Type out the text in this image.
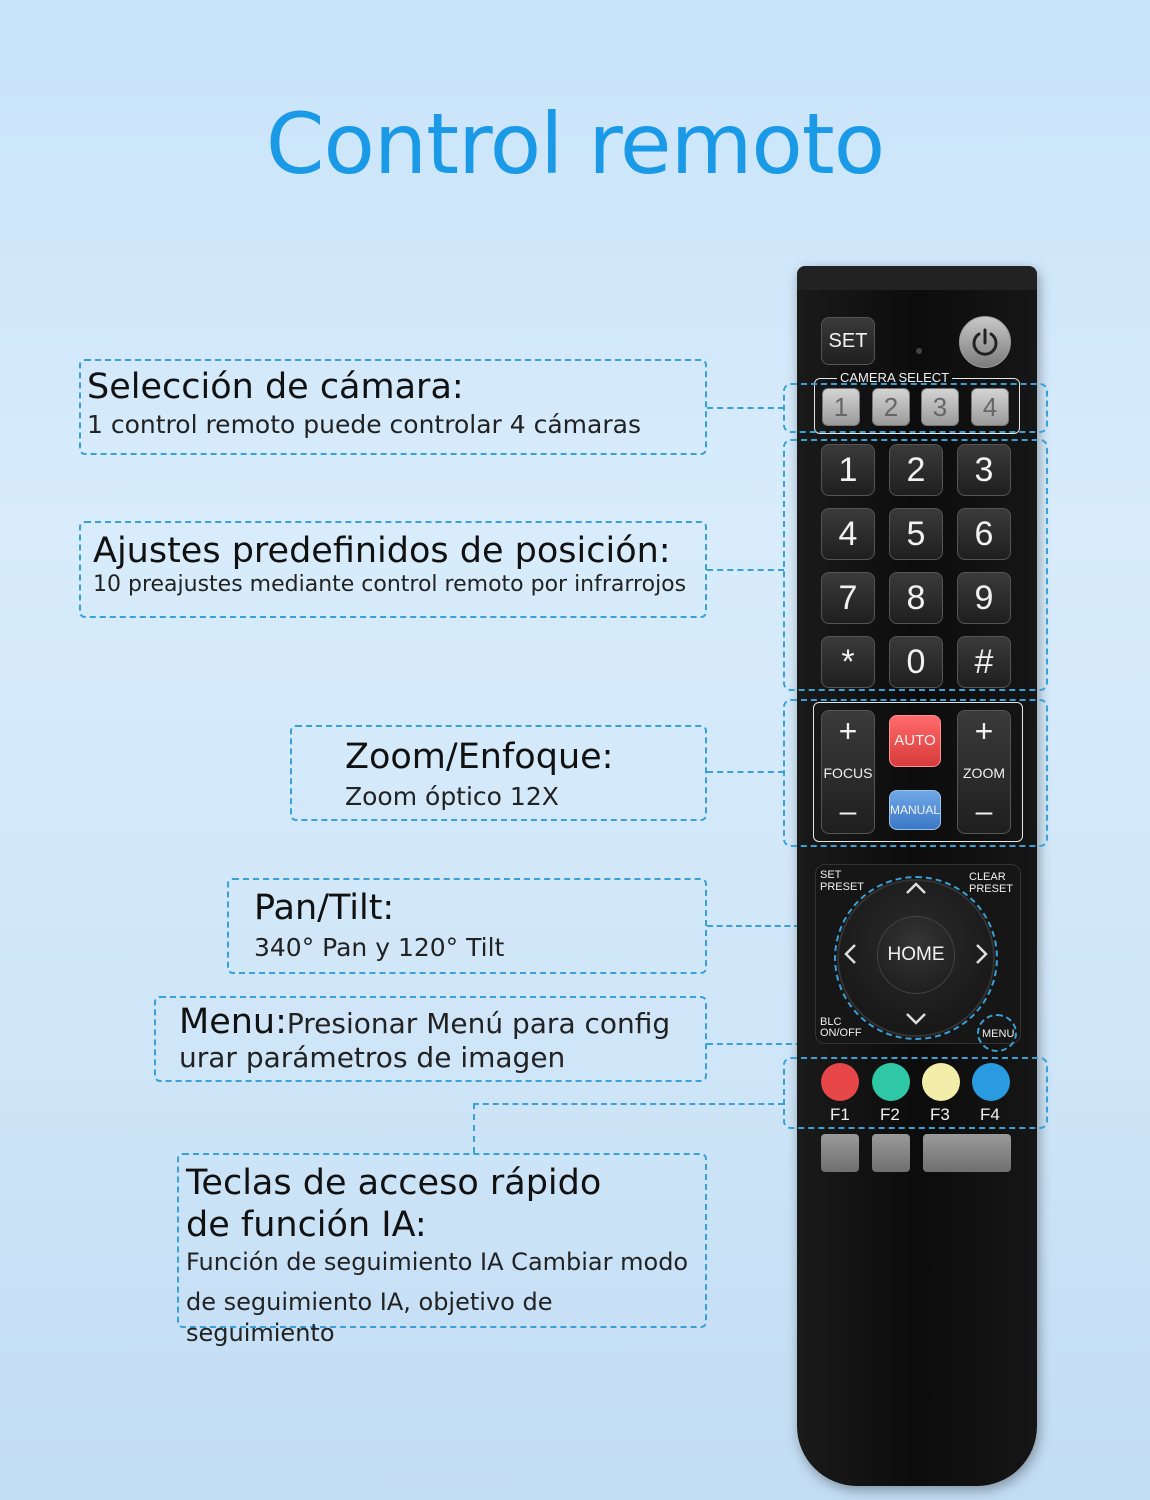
Control remoto
Selección de cámara:
1 control remoto puede controlar 4 cámaras
Ajustes predefinidos de posición:
10 preajustes mediante control remoto por infrarrojos
Zoom/Enfoque:
Zoom óptico 12X
Pan/Tilt:
340° Pan y 120° Tilt
Menu:Presionar Menú para config
urar parámetros de imagen
Teclas de acceso rápido
de función IA:
Función de seguimiento IA Cambiar modo
de seguimiento IA, objetivo de seguimiento
SET
CAMERA SELECT
1	2	3	4
1	2	3
4	5	6
7	8	9
*	0	#
+
FOCUS
–
AUTO
MANUAL
+
ZOOM
–
SET
PRESET
CLEAR
PRESET
HOME
BLC
ON/OFF	MENU
F1 F2 F3 F4
